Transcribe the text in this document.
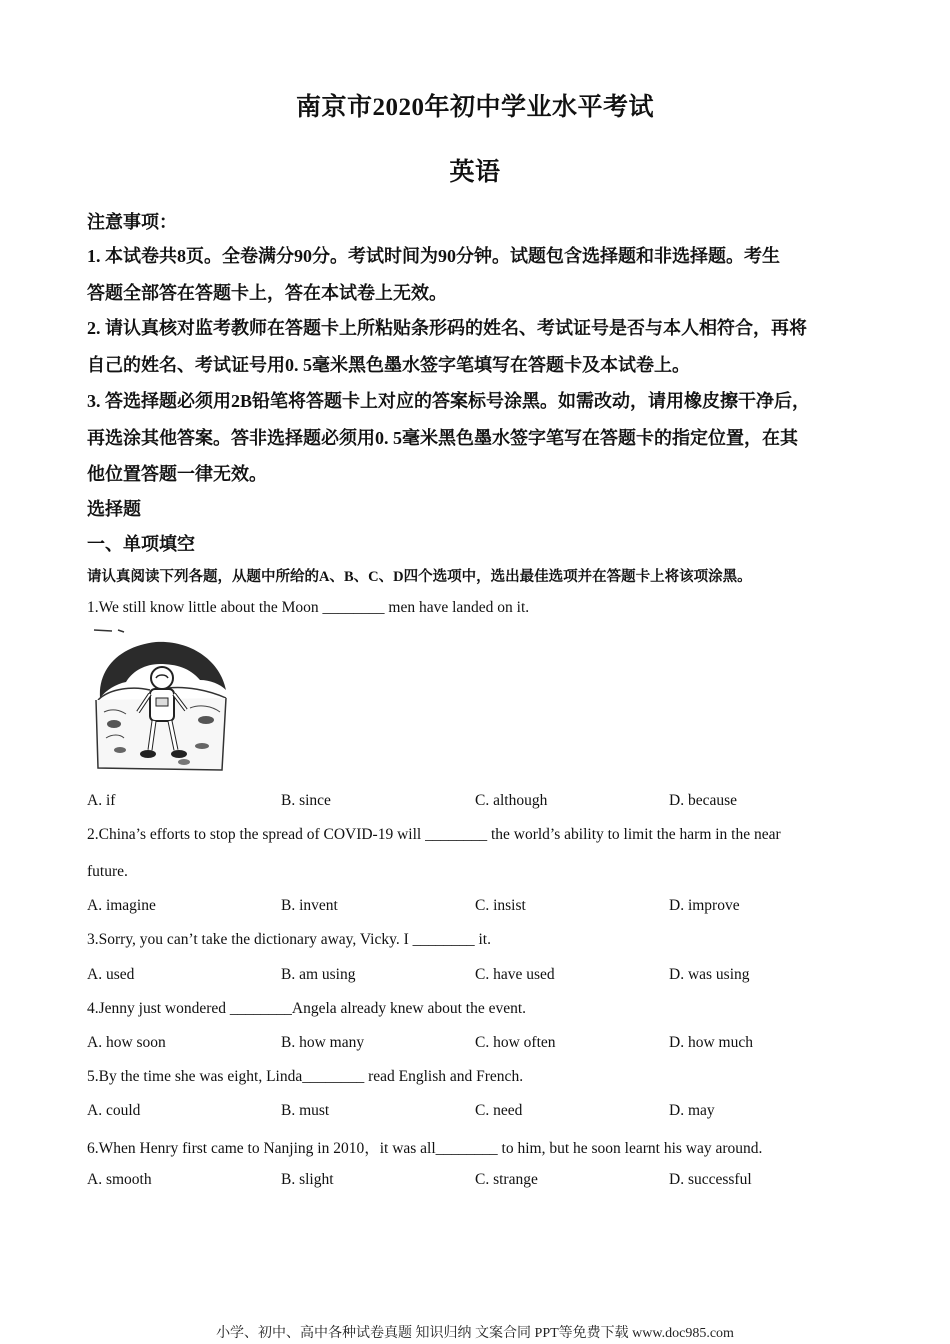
南京市2020年初中学业水平考试
英语
注意事项：
1. 本试卷共8页。全卷满分90分。考试时间为90分钟。试题包含选择题和非选择题。考生
答题全部答在答题卡上，答在本试卷上无效。
2. 请认真核对监考教师在答题卡上所粘贴条形码的姓名、考试证号是否与本人相符合，再将
自己的姓名、考试证号用0. 5毫米黑色墨水签字笔填写在答题卡及本试卷上。
3. 答选择题必须用2B铅笔将答题卡上对应的答案标号涂黑。如需改动，请用橡皮擦干净后，
再选涂其他答案。答非选择题必须用0. 5毫米黑色墨水签字笔写在答题卡的指定位置，在其
他位置答题一律无效。
选择题
一、单项填空
请认真阅读下列各题，从题中所给的A、B、C、D四个选项中，选出最佳选项并在答题卡上将该项涂黑。
1.We still know little about the Moon ________ men have landed on it.
A. if	B. since	C. although	D. because
2.China’s efforts to stop the spread of COVID-19 will ________ the world’s ability to limit the harm in the near
future.
A. imagine	B. invent	C. insist	D. improve
3.Sorry, you can’t take the dictionary away, Vicky. I ________ it.
A. used	B. am using	C. have used	D. was using
4.Jenny just wondered ________Angela already knew about the event.
A. how soon	B. how many	C. how often	D. how much
5.By the time she was eight, Linda________ read English and French.
A. could	B. must	C. need	D. may
6.When Henry first came to Nanjing in 2010，it was all________ to him, but he soon learnt his way around.
A. smooth	B. slight	C. strange	D. successful
小学、初中、高中各种试卷真题 知识归纳 文案合同 PPT等免费下载 www.doc985.com
